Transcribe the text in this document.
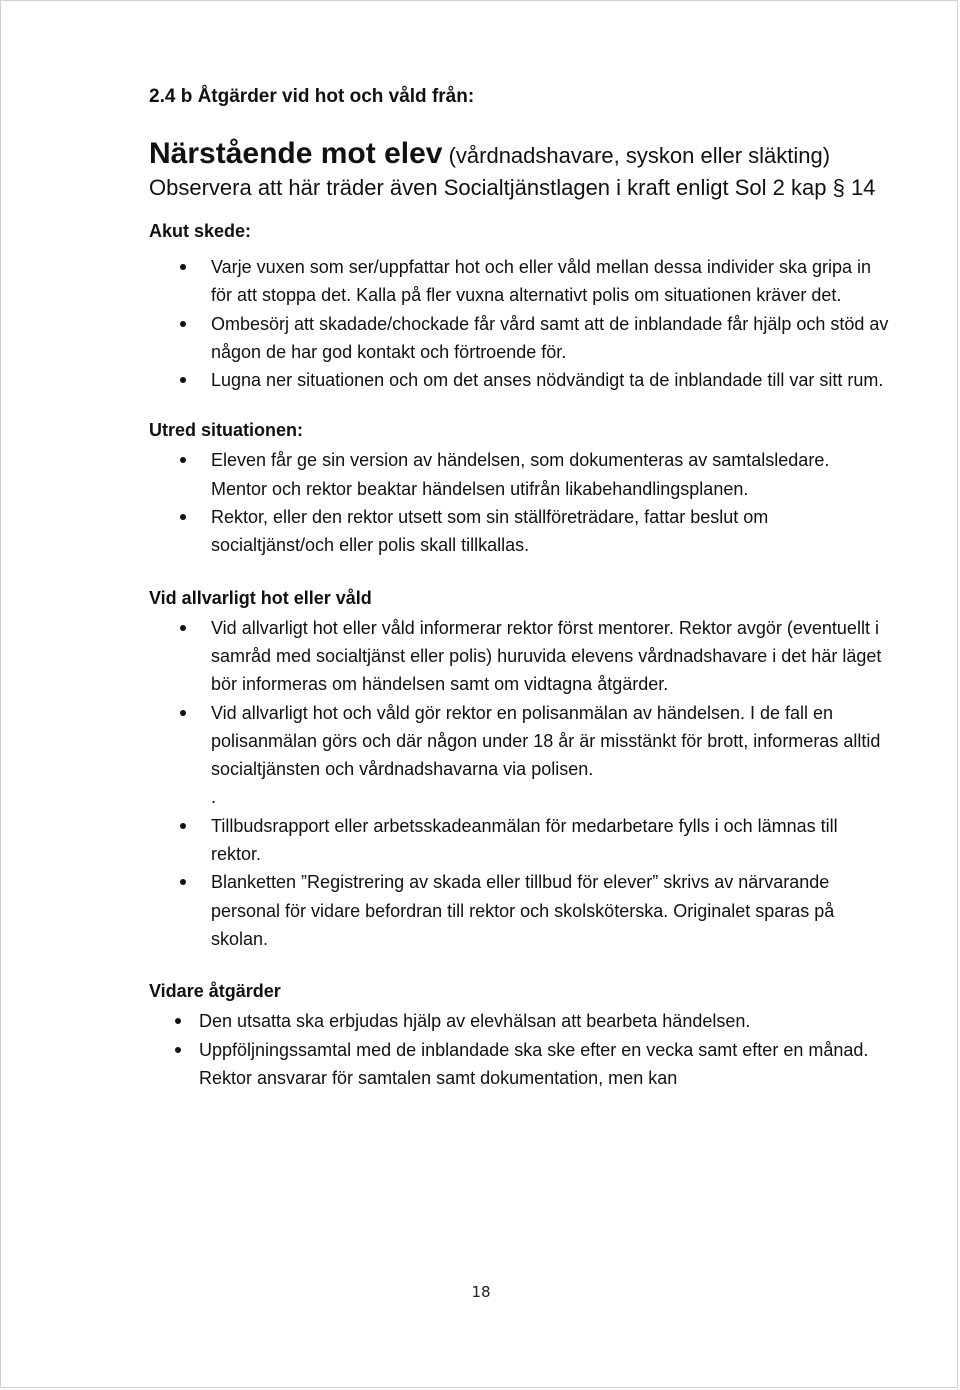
2.4 b Åtgärder vid hot och våld från:

Närstående mot elev (vårdnadshavare, syskon eller släkting) Observera att här träder även Socialtjänstlagen i kraft enligt Sol 2 kap § 14

Akut skede:

Varje vuxen som ser/uppfattar hot och eller våld mellan dessa individer ska gripa in för att stoppa det. Kalla på fler vuxna alternativt polis om situationen kräver det.
Ombesörj att skadade/chockade får vård samt att de inblandade får hjälp och stöd av någon de har god kontakt och förtroende för.
Lugna ner situationen och om det anses nödvändigt ta de inblandade till var sitt rum.

Utred situationen:

Eleven får ge sin version av händelsen, som dokumenteras av samtalsledare. Mentor och rektor beaktar händelsen utifrån likabehandlingsplanen.
Rektor, eller den rektor utsett som sin ställföreträdare, fattar beslut om socialtjänst/och eller polis skall tillkallas.

Vid allvarligt hot eller våld

Vid allvarligt hot eller våld informerar rektor först mentorer. Rektor avgör (eventuellt i samråd med socialtjänst eller polis) huruvida elevens vårdnadshavare i det här läget bör informeras om händelsen samt om vidtagna åtgärder.
Vid allvarligt hot och våld gör rektor en polisanmälan av händelsen. I de fall en polisanmälan görs och där någon under 18 år är misstänkt för brott, informeras alltid socialtjänsten och vårdnadshavarna via polisen.
.
Tillbudsrapport eller arbetsskadeanmälan för medarbetare fylls i och lämnas till rektor.
Blanketten ”Registrering av skada eller tillbud för elever” skrivs av närvarande personal för vidare befordran till rektor och skolsköterska. Originalet sparas på skolan.

Vidare åtgärder

Den utsatta ska erbjudas hjälp av elevhälsan att bearbeta händelsen.
Uppföljningssamtal med de inblandade ska ske efter en vecka samt efter en månad. Rektor ansvarar för samtalen samt dokumentation, men kan
18
